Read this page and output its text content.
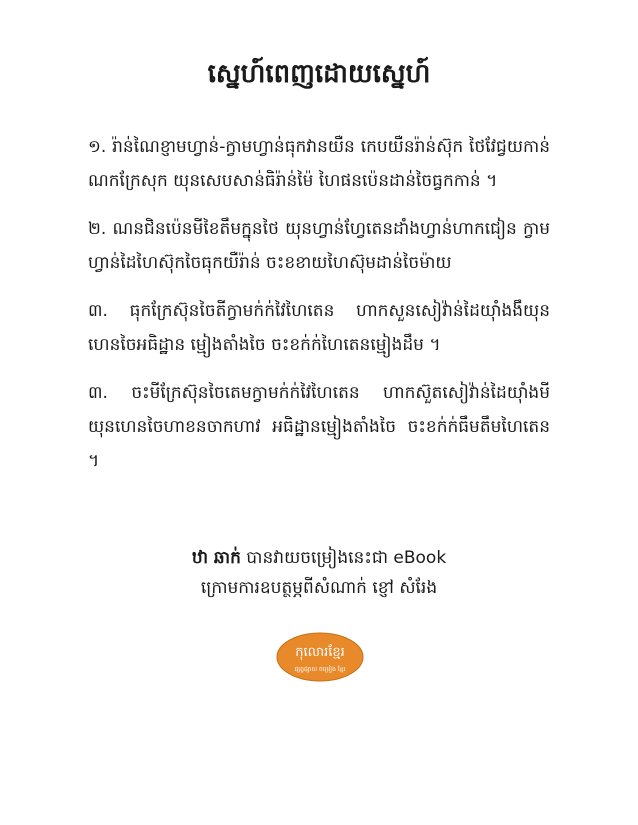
ស្នេហ៍ពេញដោយស្នេហ៍

១. រ៉ាន់ណៃខ្ញាមហ្វាន់-ក្វាមហ្វាន់ធុកវានយឺន កេបយឺនរ៉ាន់ស៊ុក ថៃវែជ្វយកាន់ ណកក្រែសុក យុនសេបសាន់ធិរ៉ាន់ម៉ៃ ហៃផនប៉េនដាន់ចៃធ្វកកាន់ ។

២. ណនជិនប៉េនមីខៃតឹមក្នុនថៃ យុនហ្វាន់ហ្វែតេនដាំងហ្វាន់ហាកជៀន ក្វាមហ្វាន់ដៃហៃស៊ុកចៃធុកយឺរ៉ាន់ ចះខខាយហៃស៊ុមដាន់ចៃម៉ាយ

៣. ធុកក្រែស៊ុនចៃតីក្វាមក់ក់វៃហៃតេន ហាកសួនសៀវ៉ាន់ដៃយ៉ាំងងឹយុន ហេនចៃអធិដ្ឋាន ម្មៀងតាំងចៃ ចះខក់ក់ហៃតេនម្មៀងដឹម ។

៣. ចះមីក្រែស៊ុនចៃតេមក្វាមក់ក់វៃហៃតេន ហាកស៊ួតសៀវ៉ាន់ដៃយ៉ាំងមី យុនហេនចៃហាខនចាកហាវ អធិដ្ឋានម្មៀងតាំងចៃ ចះខក់ក់ធឹមតឹមហៃតេន ។

ឋា ឆាក់ បានវាយចម្រៀងនេះជា eBook
ក្រោមការឧបត្ថម្ភពីសំណាក់ ខ្ញៅ សំរែង
កុលោរខ្មែរ
ផ្សព្វផ្សាយ ចម្រៀង ខ្មែរ
